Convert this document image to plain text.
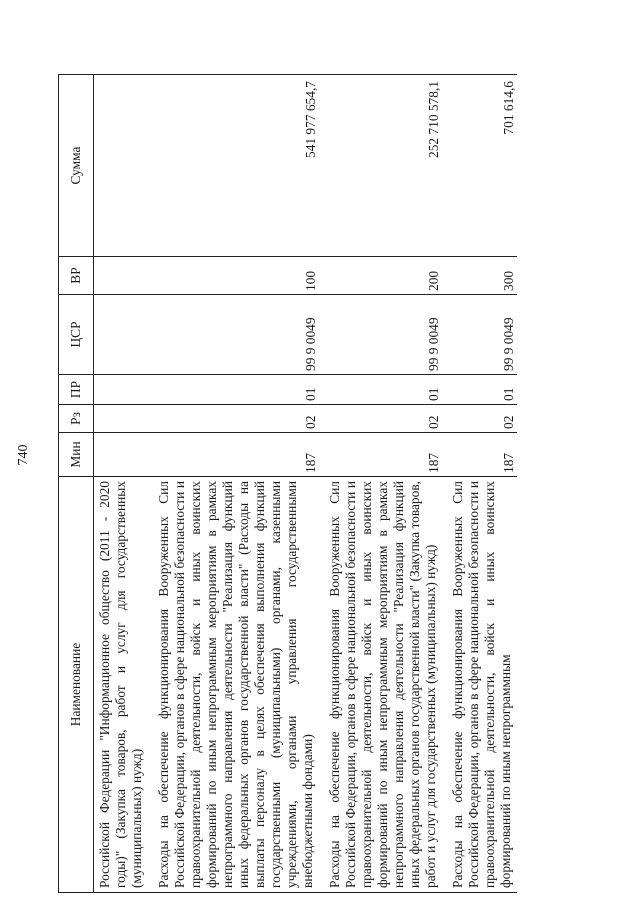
740
Наименование	Мин	Рз	ПР	ЦСР	ВР	Сумма
Российской Федерации "Информационное общество (2011 - 2020 годы)" (Закупка товаров, работ и услуг для государственных (муниципальных) нужд)						
Расходы на обеспечение функционирования Вооруженных Сил Российской Федерации, органов в сфере национальной безопасности и правоохранительной деятельности, войск и иных воинских формирований по иным непрограммным мероприятиям в рамках непрограммного направления деятельности "Реализация функций иных федеральных органов государственной власти" (Расходы на выплаты персоналу в целях обеспечения выполнения функций государственными (муниципальными) органами, казенными учреждениями, органами управления государственными внебюджетными фондами)	187	02	01	99 9 0049	100	541 977 654,7
Расходы на обеспечение функционирования Вооруженных Сил Российской Федерации, органов в сфере национальной безопасности и правоохранительной деятельности, войск и иных воинских формирований по иным непрограммным мероприятиям в рамках непрограммного направления деятельности "Реализация функций иных федеральных органов государственной власти" (Закупка товаров, работ и услуг для государственных (муниципальных) нужд)	187	02	01	99 9 0049	200	252 710 578,1
Расходы на обеспечение функционирования Вооруженных Сил Российской Федерации, органов в сфере национальной безопасности и правоохранительной деятельности, войск и иных воинских формирований по иным непрограммным	187	02	01	99 9 0049	300	701 614,6
